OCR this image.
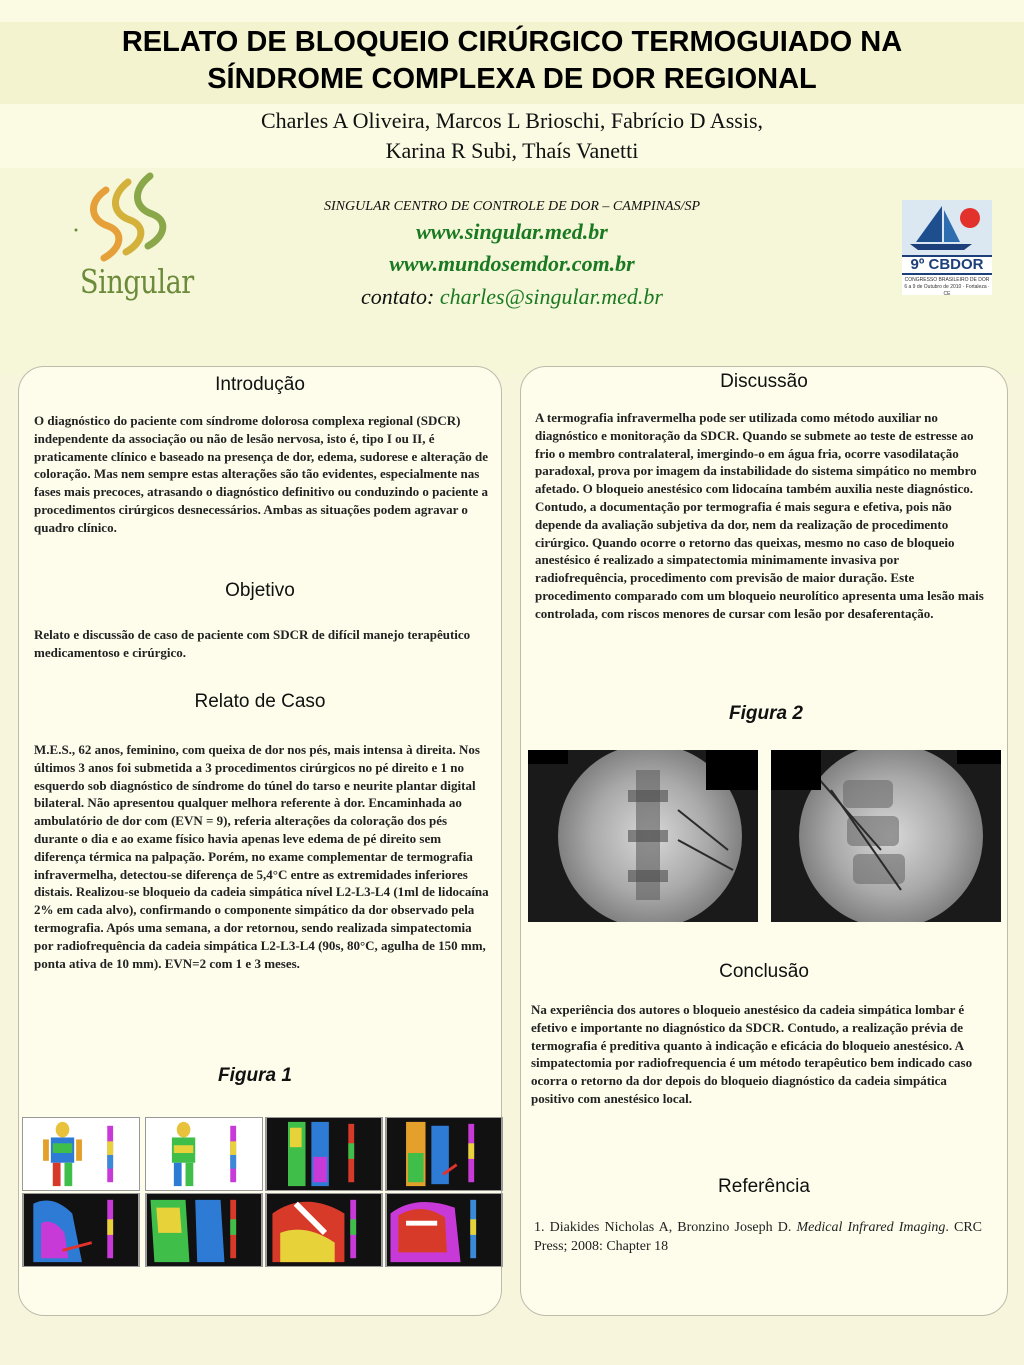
RELATO DE BLOQUEIO CIRÚRGICO TERMOGUIADO NA
SÍNDROME COMPLEXA DE DOR REGIONAL
Charles A Oliveira, Marcos L Brioschi, Fabrício D Assis,
Karina R Subi, Thaís Vanetti
SINGULAR CENTRO DE CONTROLE DE DOR – CAMPINAS/SP
www.singular.med.br
www.mundosemdor.com.br
contato: charles@singular.med.br
Singular	9º CBDOR
CONGRESSO BRASILEIRO DE DOR
6 a 9 de Outubro de 2010 · Fortaleza · CE
Introdução
O diagnóstico do paciente com síndrome dolorosa complexa regional (SDCR) independente da associação ou não de lesão nervosa, isto é, tipo I ou II, é praticamente clínico e baseado na presença de dor, edema, sudorese e alteração de coloração. Mas nem sempre estas alterações são tão evidentes, especialmente nas fases mais precoces, atrasando o diagnóstico definitivo ou conduzindo o paciente a procedimentos cirúrgicos desnecessários. Ambas as situações podem agravar o quadro clínico.
Objetivo
Relato e discussão de caso de paciente com SDCR de difícil manejo terapêutico medicamentoso e cirúrgico.
Relato de Caso
M.E.S., 62 anos, feminino, com queixa de dor nos pés, mais intensa à direita. Nos últimos 3 anos foi submetida a 3 procedimentos cirúrgicos no pé direito e 1 no esquerdo sob diagnóstico de síndrome do túnel do tarso e neurite plantar digital bilateral. Não apresentou qualquer melhora referente à dor. Encaminhada ao ambulatório de dor com (EVN = 9), referia alterações da coloração dos pés durante o dia e ao exame físico havia apenas leve edema de pé direito sem diferença térmica na palpação. Porém, no exame complementar de termografia infravermelha, detectou-se diferença de 5,4°C entre as extremidades inferiores distais. Realizou-se bloqueio da cadeia simpática nível L2-L3-L4 (1ml de lidocaína 2% em cada alvo), confirmando o componente simpático da dor observado pela termografia. Após uma semana, a dor retornou, sendo realizada simpatectomia por radiofrequência da cadeia simpática L2-L3-L4 (90s, 80°C, agulha de 150 mm, ponta ativa de 10 mm). EVN=2 com 1 e 3 meses.
Figura 1
Discussão
A termografia infravermelha pode ser utilizada como método auxiliar no diagnóstico e monitoração da SDCR. Quando se submete ao teste de estresse ao frio o membro contralateral, imergindo-o em água fria, ocorre vasodilatação paradoxal, prova por imagem da instabilidade do sistema simpático no membro afetado. O bloqueio anestésico com lidocaína também auxilia neste diagnóstico. Contudo, a documentação por termografia é mais segura e efetiva, pois não depende da avaliação subjetiva da dor, nem da realização de procedimento cirúrgico. Quando ocorre o retorno das queixas, mesmo no caso de bloqueio anestésico é realizado a simpatectomia minimamente invasiva por radiofrequência, procedimento com previsão de maior duração. Este procedimento comparado com um bloqueio neurolítico apresenta uma lesão mais controlada, com riscos menores de cursar com lesão por desaferentação.
Figura 2
Conclusão
Na experiência dos autores o bloqueio anestésico da cadeia simpática lombar é efetivo e importante no diagnóstico da SDCR. Contudo, a realização prévia de termografia é preditiva quanto à indicação e eficácia do bloqueio anestésico. A simpatectomia por radiofrequencia é um método terapêutico bem indicado caso ocorra o retorno da dor depois do bloqueio diagnóstico da cadeia simpática positivo com anestésico local.
Referência
1. Diakides Nicholas A, Bronzino Joseph D. Medical Infrared Imaging. CRC Press; 2008: Chapter 18
